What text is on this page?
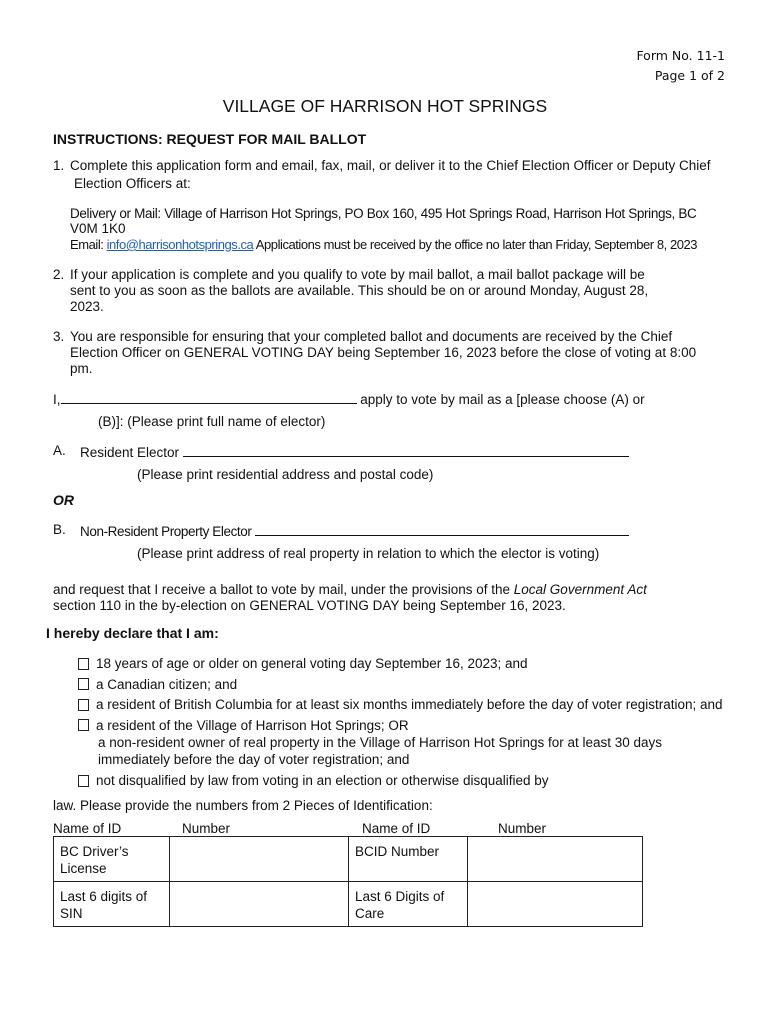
Form No. 11-1
Page 1 of 2
VILLAGE OF HARRISON HOT SPRINGS
INSTRUCTIONS: REQUEST FOR MAIL BALLOT
1. Complete this application form and email, fax, mail, or deliver it to the Chief Election Officer or Deputy Chief
Election Officers at:
Delivery or Mail: Village of Harrison Hot Springs, PO Box 160, 495 Hot Springs Road, Harrison Hot Springs, BC
V0M 1K0
Email: info@harrisonhotsprings.ca Applications must be received by the office no later than Friday, September 8, 2023
2. If your application is complete and you qualify to vote by mail ballot, a mail ballot package will be
sent to you as soon as the ballots are available. This should be on or around Monday, August 28,
2023.
3. You are responsible for ensuring that your completed ballot and documents are received by the Chief
Election Officer on GENERAL VOTING DAY being September 16, 2023 before the close of voting at 8:00
pm.
I,	apply to vote by mail as a [please choose (A) or
(B)]: (Please print full name of elector)
A. Resident Elector
(Please print residential address and postal code)
OR
B. Non-Resident Property Elector
(Please print address of real property in relation to which the elector is voting)
and request that I receive a ballot to vote by mail, under the provisions of the Local Government Act
section 110 in the by-election on GENERAL VOTING DAY being September 16, 2023.
I hereby declare that I am:
18 years of age or older on general voting day September 16, 2023; and
a Canadian citizen; and
a resident of British Columbia for at least six months immediately before the day of voter registration; and
a resident of the Village of Harrison Hot Springs; OR
a non-resident owner of real property in the Village of Harrison Hot Springs for at least 30 days
immediately before the day of voter registration; and
not disqualified by law from voting in an election or otherwise disqualified by
law. Please provide the numbers from 2 Pieces of Identification:
Name of ID	Number	Name of ID	Number
BC Driver’s License		BCID Number	
Last 6 digits of SIN		Last 6 Digits of Care	
